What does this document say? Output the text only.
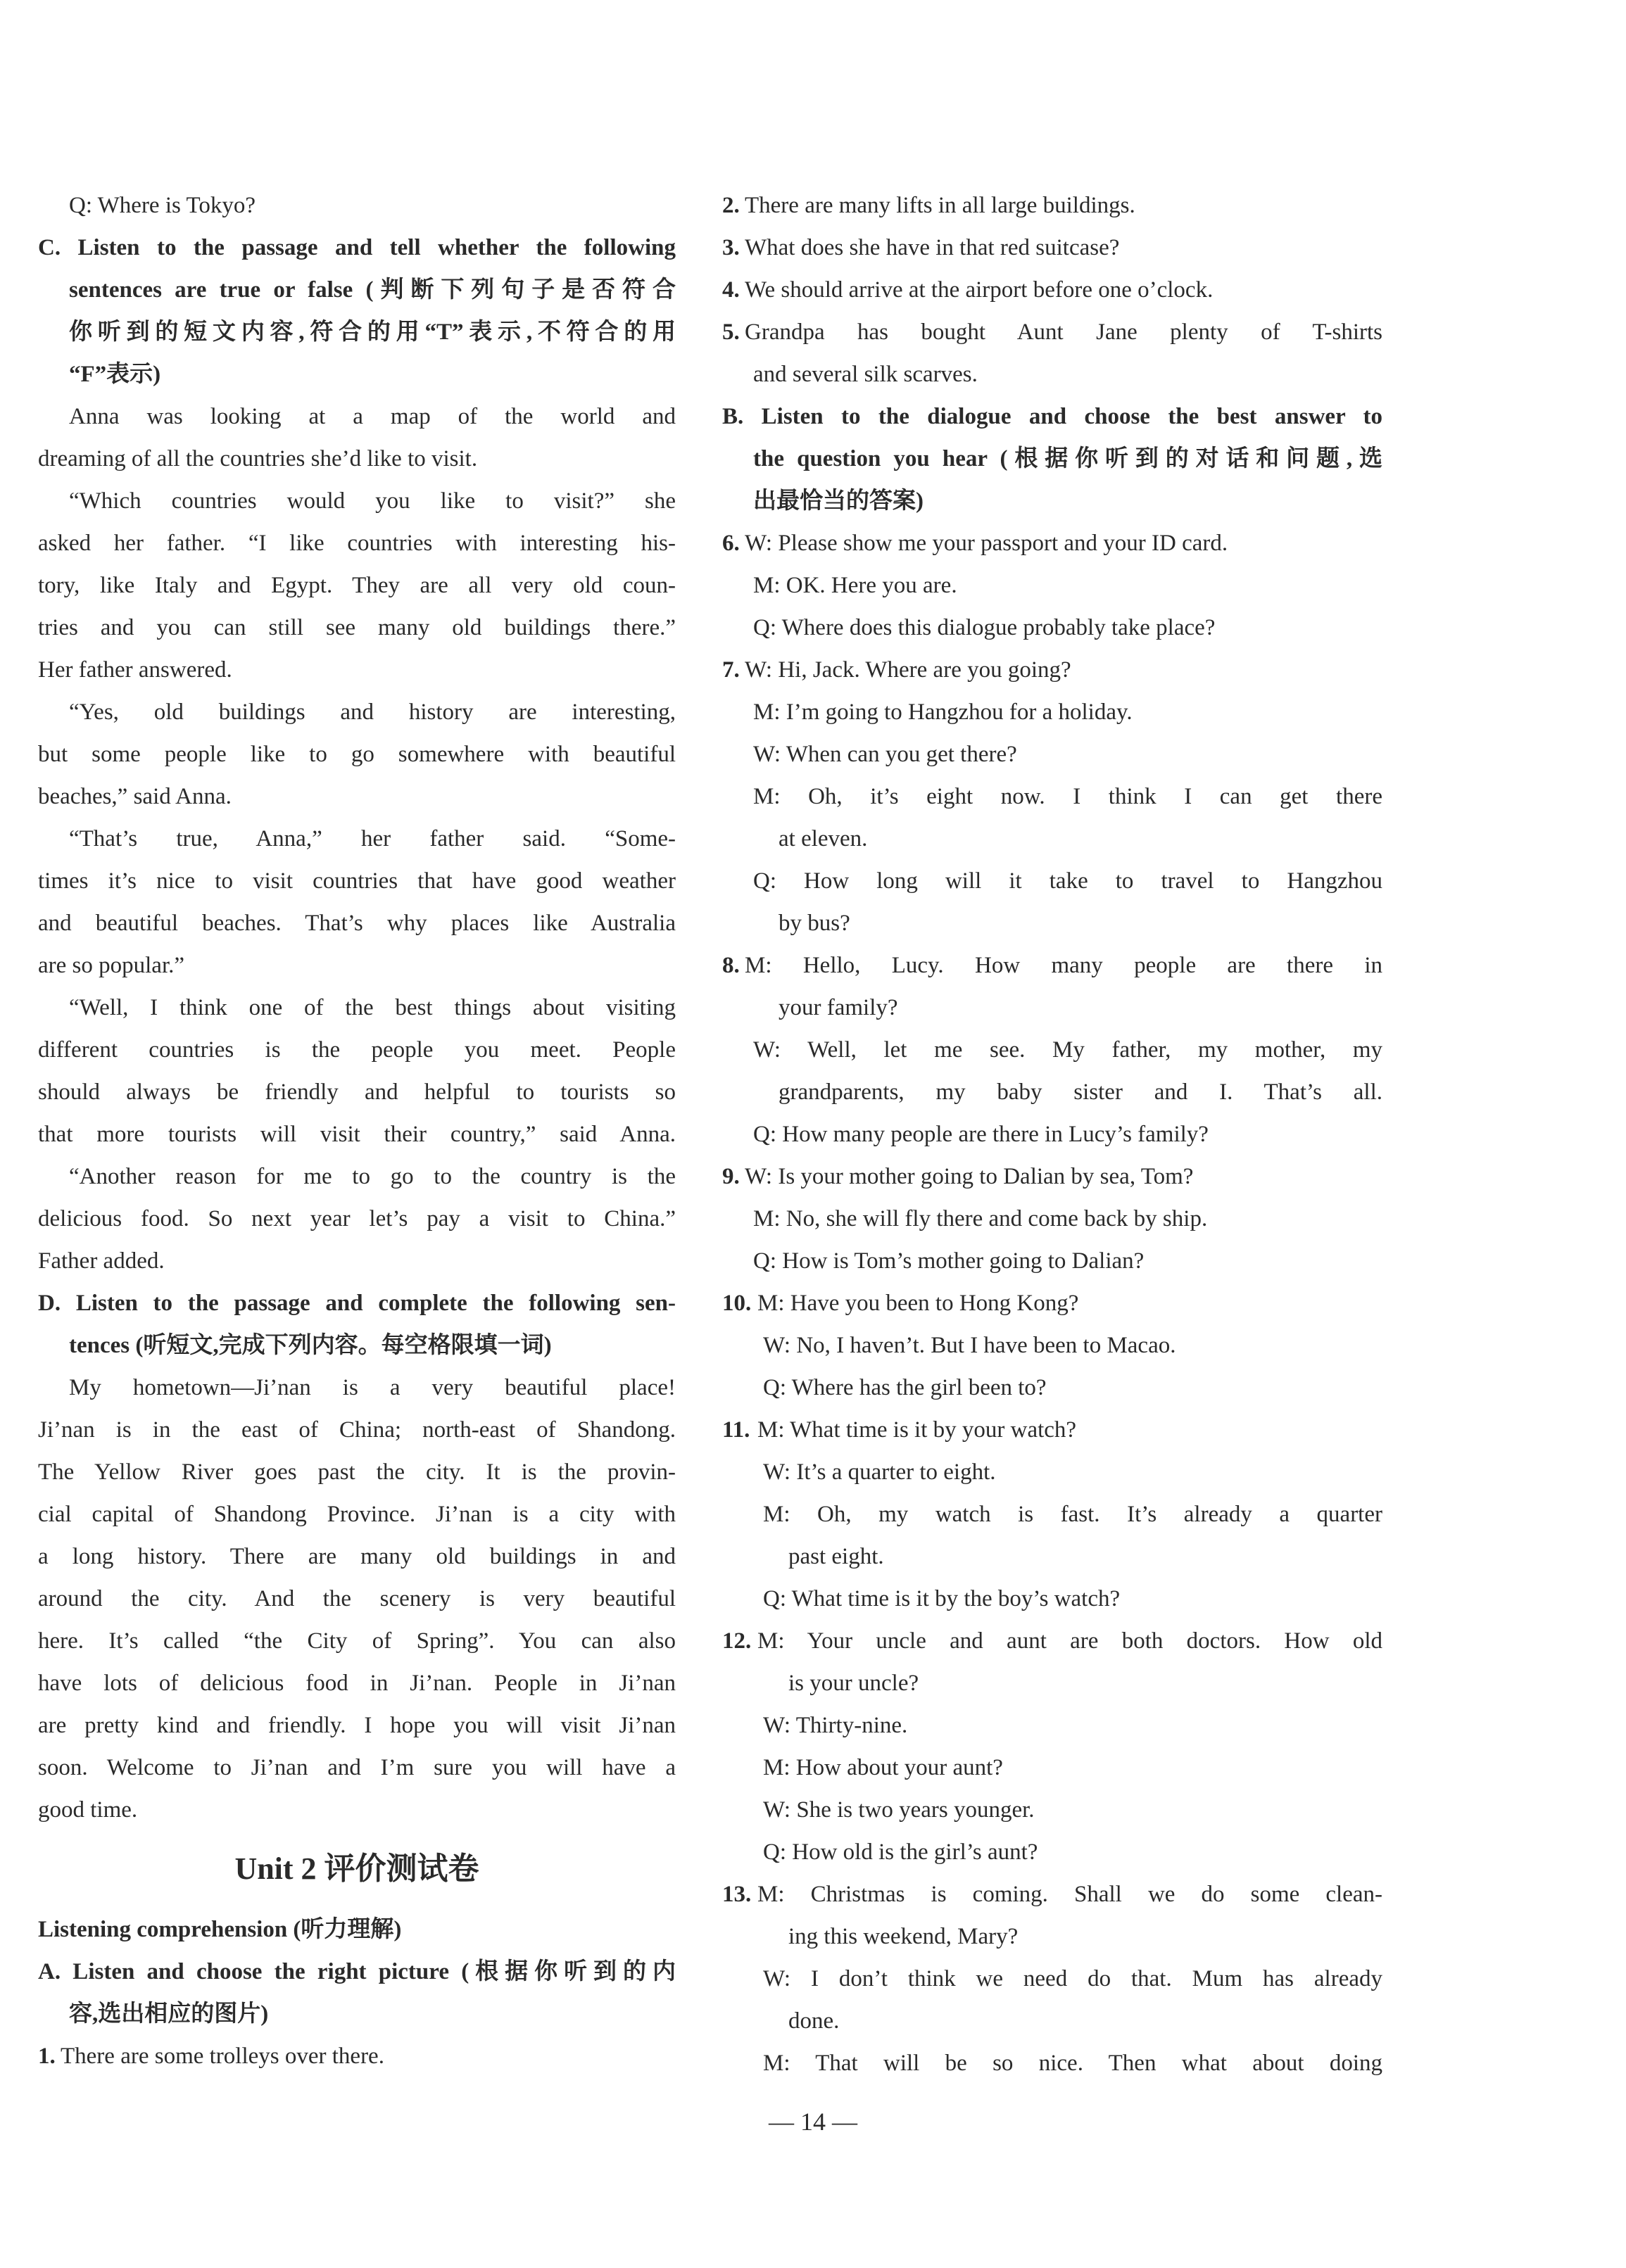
Q: Where is Tokyo?
C. Listen to the passage and tell whether the following
sentences are true or false (判断下列句子是否符合
你听到的短文内容,符合的用“T”表示,不符合的用
“F”表示)
Anna was looking at a map of the world and
dreaming of all the countries she’d like to visit.
“Which countries would you like to visit?” she
asked her father. “I like countries with interesting his-
tory, like Italy and Egypt. They are all very old coun-
tries and you can still see many old buildings there.”
Her father answered.
“Yes, old buildings and history are interesting,
but some people like to go somewhere with beautiful
beaches,” said Anna.
“That’s true, Anna,” her father said. “Some-
times it’s nice to visit countries that have good weather
and beautiful beaches. That’s why places like Australia
are so popular.”
“Well, I think one of the best things about visiting
different countries is the people you meet. People
should always be friendly and helpful to tourists so
that more tourists will visit their country,” said Anna.
“Another reason for me to go to the country is the
delicious food. So next year let’s pay a visit to China.”
Father added.
D. Listen to the passage and complete the following sen-
tences (听短文,完成下列内容。每空格限填一词)
My hometown—Ji’nan is a very beautiful place!
Ji’nan is in the east of China; north-east of Shandong.
The Yellow River goes past the city. It is the provin-
cial capital of Shandong Province. Ji’nan is a city with
a long history. There are many old buildings in and
around the city. And the scenery is very beautiful
here. It’s called “the City of Spring”. You can also
have lots of delicious food in Ji’nan. People in Ji’nan
are pretty kind and friendly. I hope you will visit Ji’nan
soon. Welcome to Ji’nan and I’m sure you will have a
good time.
Unit 2 评价测试卷
Listening comprehension (听力理解)
A. Listen and choose the right picture (根据你听到的内
容,选出相应的图片)
1. There are some trolleys over there.
2. There are many lifts in all large buildings.
3. What does she have in that red suitcase?
4. We should arrive at the airport before one o’clock.
5. Grandpa has bought Aunt Jane plenty of T-shirts
and several silk scarves.
B. Listen to the dialogue and choose the best answer to
the question you hear (根据你听到的对话和问题,选
出最恰当的答案)
6. W: Please show me your passport and your ID card.
M: OK. Here you are.
Q: Where does this dialogue probably take place?
7. W: Hi, Jack. Where are you going?
M: I’m going to Hangzhou for a holiday.
W: When can you get there?
M: Oh, it’s eight now. I think I can get there
at eleven.
Q: How long will it take to travel to Hangzhou
by bus?
8. M: Hello, Lucy. How many people are there in
your family?
W: Well, let me see. My father, my mother, my
grandparents, my baby sister and I. That’s all.
Q: How many people are there in Lucy’s family?
9. W: Is your mother going to Dalian by sea, Tom?
M: No, she will fly there and come back by ship.
Q: How is Tom’s mother going to Dalian?
10. M: Have you been to Hong Kong?
W: No, I haven’t. But I have been to Macao.
Q: Where has the girl been to?
11. M: What time is it by your watch?
W: It’s a quarter to eight.
M: Oh, my watch is fast. It’s already a quarter
past eight.
Q: What time is it by the boy’s watch?
12. M: Your uncle and aunt are both doctors. How old
is your uncle?
W: Thirty-nine.
M: How about your aunt?
W: She is two years younger.
Q: How old is the girl’s aunt?
13. M: Christmas is coming. Shall we do some clean-
ing this weekend, Mary?
W: I don’t think we need do that. Mum has already
done.
M: That will be so nice. Then what about doing
— 14 —
